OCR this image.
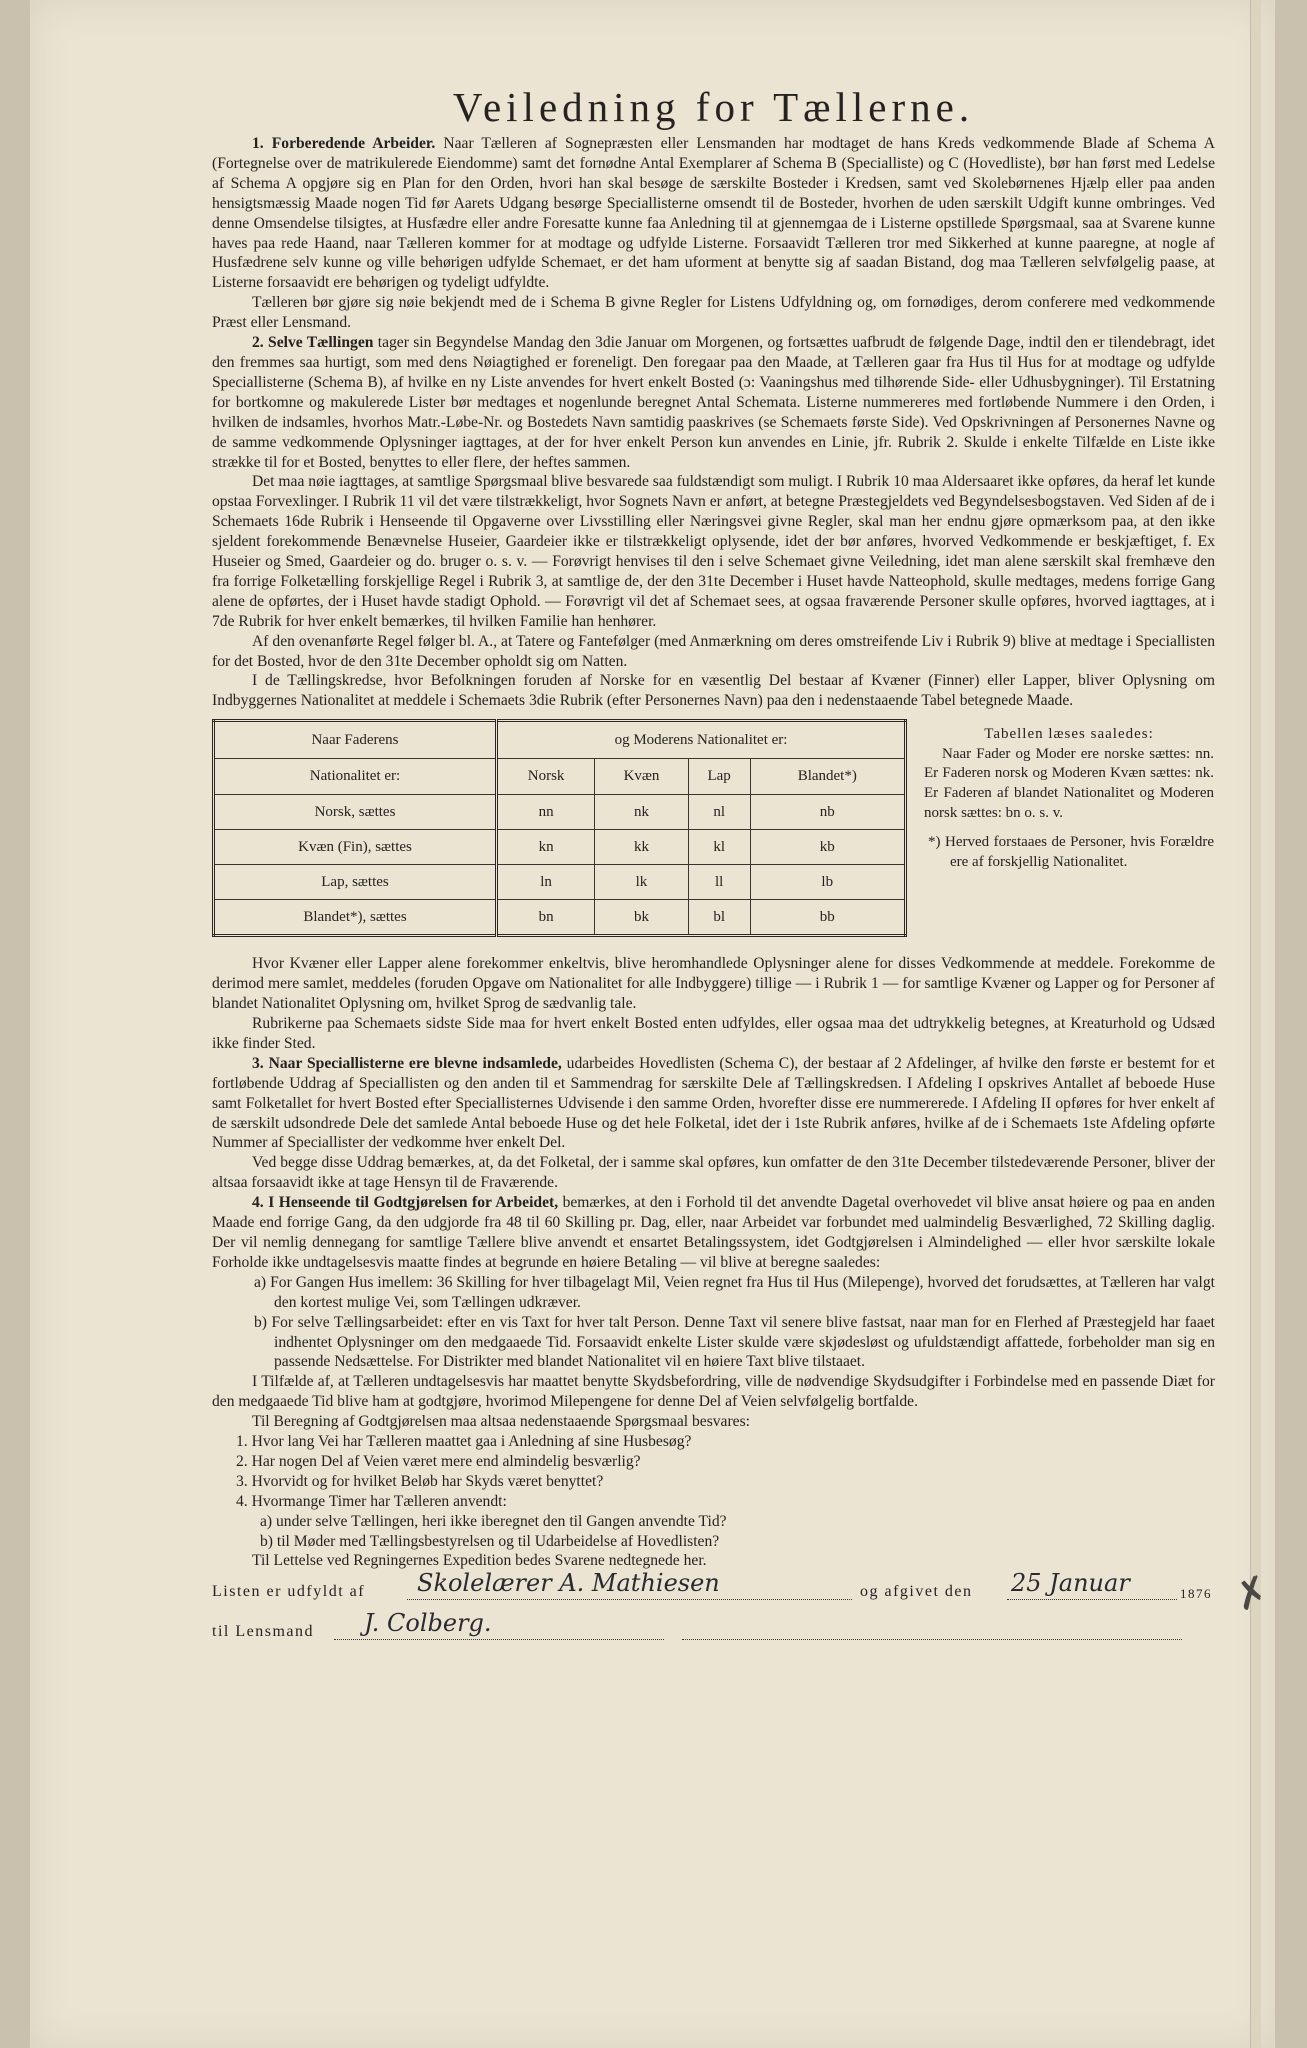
✗
Veiledning for Tællerne.

1. Forberedende Arbeider. Naar Tælleren af Sognepræsten eller Lensmanden har modtaget de hans Kreds vedkommende Blade af Schema A (Fortegnelse over de matrikulerede Eiendomme) samt det fornødne Antal Exemplarer af Schema B (Specialliste) og C (Hovedliste), bør han først med Ledelse af Schema A opgjøre sig en Plan for den Orden, hvori han skal besøge de særskilte Bosteder i Kredsen, samt ved Skolebørnenes Hjælp eller paa anden hensigtsmæssig Maade nogen Tid før Aarets Udgang besørge Speciallisterne omsendt til de Bosteder, hvorhen de uden særskilt Udgift kunne ombringes. Ved denne Omsendelse tilsigtes, at Husfædre eller andre Foresatte kunne faa Anledning til at gjennemgaa de i Listerne opstillede Spørgsmaal, saa at Svarene kunne haves paa rede Haand, naar Tælleren kommer for at modtage og udfylde Listerne. Forsaavidt Tælleren tror med Sikkerhed at kunne paaregne, at nogle af Husfædrene selv kunne og ville behørigen udfylde Schemaet, er det ham uforment at benytte sig af saadan Bistand, dog maa Tælleren selvfølgelig paase, at Listerne forsaavidt ere behørigen og tydeligt udfyldte.

Tælleren bør gjøre sig nøie bekjendt med de i Schema B givne Regler for Listens Udfyldning og, om fornødiges, derom conferere med vedkommende Præst eller Lensmand.

2. Selve Tællingen tager sin Begyndelse Mandag den 3die Januar om Morgenen, og fortsættes uafbrudt de følgende Dage, indtil den er tilendebragt, idet den fremmes saa hurtigt, som med dens Nøiagtighed er foreneligt. Den foregaar paa den Maade, at Tælleren gaar fra Hus til Hus for at modtage og udfylde Speciallisterne (Schema B), af hvilke en ny Liste anvendes for hvert enkelt Bosted (ɔ: Vaaningshus med tilhørende Side- eller Udhusbygninger). Til Erstatning for bortkomne og makulerede Lister bør medtages et nogenlunde beregnet Antal Schemata. Listerne nummereres med fortløbende Nummere i den Orden, i hvilken de indsamles, hvorhos Matr.-Løbe-Nr. og Bostedets Navn samtidig paaskrives (se Schemaets første Side). Ved Opskrivningen af Personernes Navne og de samme vedkommende Oplysninger iagttages, at der for hver enkelt Person kun anvendes en Linie, jfr. Rubrik 2. Skulde i enkelte Tilfælde en Liste ikke strække til for et Bosted, benyttes to eller flere, der heftes sammen.

Det maa nøie iagttages, at samtlige Spørgsmaal blive besvarede saa fuldstændigt som muligt. I Rubrik 10 maa Aldersaaret ikke opføres, da heraf let kunde opstaa Forvexlinger. I Rubrik 11 vil det være tilstrækkeligt, hvor Sognets Navn er anført, at betegne Præstegjeldets ved Begyndelsesbogstaven. Ved Siden af de i Schemaets 16de Rubrik i Henseende til Opgaverne over Livsstilling eller Næringsvei givne Regler, skal man her endnu gjøre opmærksom paa, at den ikke sjeldent forekommende Benævnelse Huseier, Gaardeier ikke er tilstrækkeligt oplysende, idet der bør anføres, hvorved Vedkommende er beskjæftiget, f. Ex Huseier og Smed, Gaardeier og do. bruger o. s. v. — Forøvrigt henvises til den i selve Schemaet givne Veiledning, idet man alene særskilt skal fremhæve den fra forrige Folketælling forskjellige Regel i Rubrik 3, at samtlige de, der den 31te December i Huset havde Natteophold, skulle medtages, medens forrige Gang alene de opførtes, der i Huset havde stadigt Ophold. — Forøvrigt vil det af Schemaet sees, at ogsaa fraværende Personer skulle opføres, hvorved iagttages, at i 7de Rubrik for hver enkelt bemærkes, til hvilken Familie han henhører.

Af den ovenanførte Regel følger bl. A., at Tatere og Fantefølger (med Anmærkning om deres omstreifende Liv i Rubrik 9) blive at medtage i Speciallisten for det Bosted, hvor de den 31te December opholdt sig om Natten.

I de Tællingskredse, hvor Befolkningen foruden af Norske for en væsentlig Del bestaar af Kvæner (Finner) eller Lapper, bliver Oplysning om Indbyggernes Nationalitet at meddele i Schemaets 3die Rubrik (efter Personernes Navn) paa den i nedenstaaende Tabel betegnede Maade.

Naar Faderens	og Moderens Nationalitet er:			
Nationalitet er:	Norsk	Kvæn	Lap	Blandet*)
Norsk, sættes	nn	nk	nl	nb
Kvæn (Fin), sættes	kn	kk	kl	kb
Lap, sættes	ln	lk	ll	lb
Blandet*), sættes	bn	bk	bl	bb

Tabellen læses saaledes:

Naar Fader og Moder ere norske sættes: nn. Er Faderen norsk og Moderen Kvæn sættes: nk. Er Faderen af blandet Nationalitet og Moderen norsk sættes: bn o. s. v.

*) Herved forstaaes de Personer, hvis Forældre ere af forskjellig Nationalitet.

Hvor Kvæner eller Lapper alene forekommer enkeltvis, blive heromhandlede Oplysninger alene for disses Vedkommende at meddele. Forekomme de derimod mere samlet, meddeles (foruden Opgave om Nationalitet for alle Indbyggere) tillige — i Rubrik 1 — for samtlige Kvæner og Lapper og for Personer af blandet Nationalitet Oplysning om, hvilket Sprog de sædvanlig tale.

Rubrikerne paa Schemaets sidste Side maa for hvert enkelt Bosted enten udfyldes, eller ogsaa maa det udtrykkelig betegnes, at Kreaturhold og Udsæd ikke finder Sted.

3. Naar Speciallisterne ere blevne indsamlede, udarbeides Hovedlisten (Schema C), der bestaar af 2 Afdelinger, af hvilke den første er bestemt for et fortløbende Uddrag af Speciallisten og den anden til et Sammendrag for særskilte Dele af Tællingskredsen. I Afdeling I opskrives Antallet af beboede Huse samt Folketallet for hvert Bosted efter Speciallisternes Udvisende i den samme Orden, hvorefter disse ere nummererede. I Afdeling II opføres for hver enkelt af de særskilt udsondrede Dele det samlede Antal beboede Huse og det hele Folketal, idet der i 1ste Rubrik anføres, hvilke af de i Schemaets 1ste Afdeling opførte Nummer af Speciallister der vedkomme hver enkelt Del.

Ved begge disse Uddrag bemærkes, at, da det Folketal, der i samme skal opføres, kun omfatter de den 31te December tilstedeværende Personer, bliver der altsaa forsaavidt ikke at tage Hensyn til de Fraværende.

4. I Henseende til Godtgjørelsen for Arbeidet, bemærkes, at den i Forhold til det anvendte Dagetal overhovedet vil blive ansat høiere og paa en anden Maade end forrige Gang, da den udgjorde fra 48 til 60 Skilling pr. Dag, eller, naar Arbeidet var forbundet med ualmindelig Besværlighed, 72 Skilling daglig. Der vil nemlig dennegang for samtlige Tællere blive anvendt et ensartet Betalingssystem, idet Godtgjørelsen i Almindelighed — eller hvor særskilte lokale Forholde ikke undtagelsesvis maatte findes at begrunde en høiere Betaling — vil blive at beregne saaledes:

a) For Gangen Hus imellem: 36 Skilling for hver tilbagelagt Mil, Veien regnet fra Hus til Hus (Milepenge), hvorved det forudsættes, at Tælleren har valgt den kortest mulige Vei, som Tællingen udkræver.

b) For selve Tællingsarbeidet: efter en vis Taxt for hver talt Person. Denne Taxt vil senere blive fastsat, naar man for en Flerhed af Præstegjeld har faaet indhentet Oplysninger om den medgaaede Tid. Forsaavidt enkelte Lister skulde være skjødesløst og ufuldstændigt affattede, forbeholder man sig en passende Nedsættelse. For Distrikter med blandet Nationalitet vil en høiere Taxt blive tilstaaet.

I Tilfælde af, at Tælleren undtagelsesvis har maattet benytte Skydsbefordring, ville de nødvendige Skydsudgifter i Forbindelse med en passende Diæt for den medgaaede Tid blive ham at godtgjøre, hvorimod Milepengene for denne Del af Veien selvfølgelig bortfalde.

Til Beregning af Godtgjørelsen maa altsaa nedenstaaende Spørgsmaal besvares:

1. Hvor lang Vei har Tælleren maattet gaa i Anledning af sine Husbesøg?

2. Har nogen Del af Veien været mere end almindelig besværlig?

3. Hvorvidt og for hvilket Beløb har Skyds været benyttet?

4. Hvormange Timer har Tælleren anvendt:

a) under selve Tællingen, heri ikke iberegnet den til Gangen anvendte Tid?

b) til Møder med Tællingsbestyrelsen og til Udarbeidelse af Hovedlisten?

Til Lettelse ved Regningernes Expedition bedes Svarene nedtegnede her.

Listen er udfyldt af Skolelærer A. Mathiesen	og afgivet den 25 Januar	1876
til Lensmand J. Colberg.
